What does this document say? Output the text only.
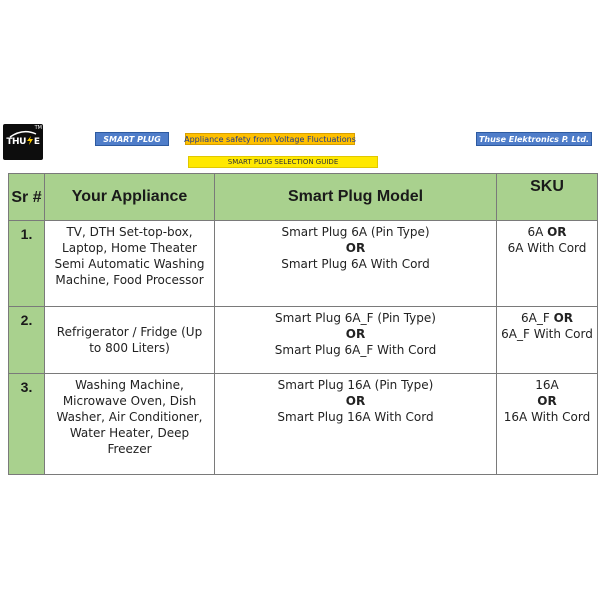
TM
THU E	SMART PLUG	Appliance safety from Voltage Fluctuations	Thuse Elektronics P. Ltd.
SMART PLUG SELECTION GUIDE
Sr #	Your Appliance	Smart Plug Model	SKU
1.	TV, DTH Set-top-box, Laptop, Home Theater Semi Automatic Washing Machine, Food Processor	Smart Plug 6A (Pin Type)
OR
Smart Plug 6A With Cord	6A OR
6A With Cord

2.	Refrigerator / Fridge (Up to 800 Liters)	Smart Plug 6A_F (Pin Type)
OR
Smart Plug 6A_F With Cord	6A_F OR
6A_F With Cord

3.	Washing Machine, Microwave Oven, Dish Washer, Air Conditioner, Water Heater, Deep Freezer	Smart Plug 16A (Pin Type)
OR
Smart Plug 16A With Cord	16A
OR
16A With Cord
